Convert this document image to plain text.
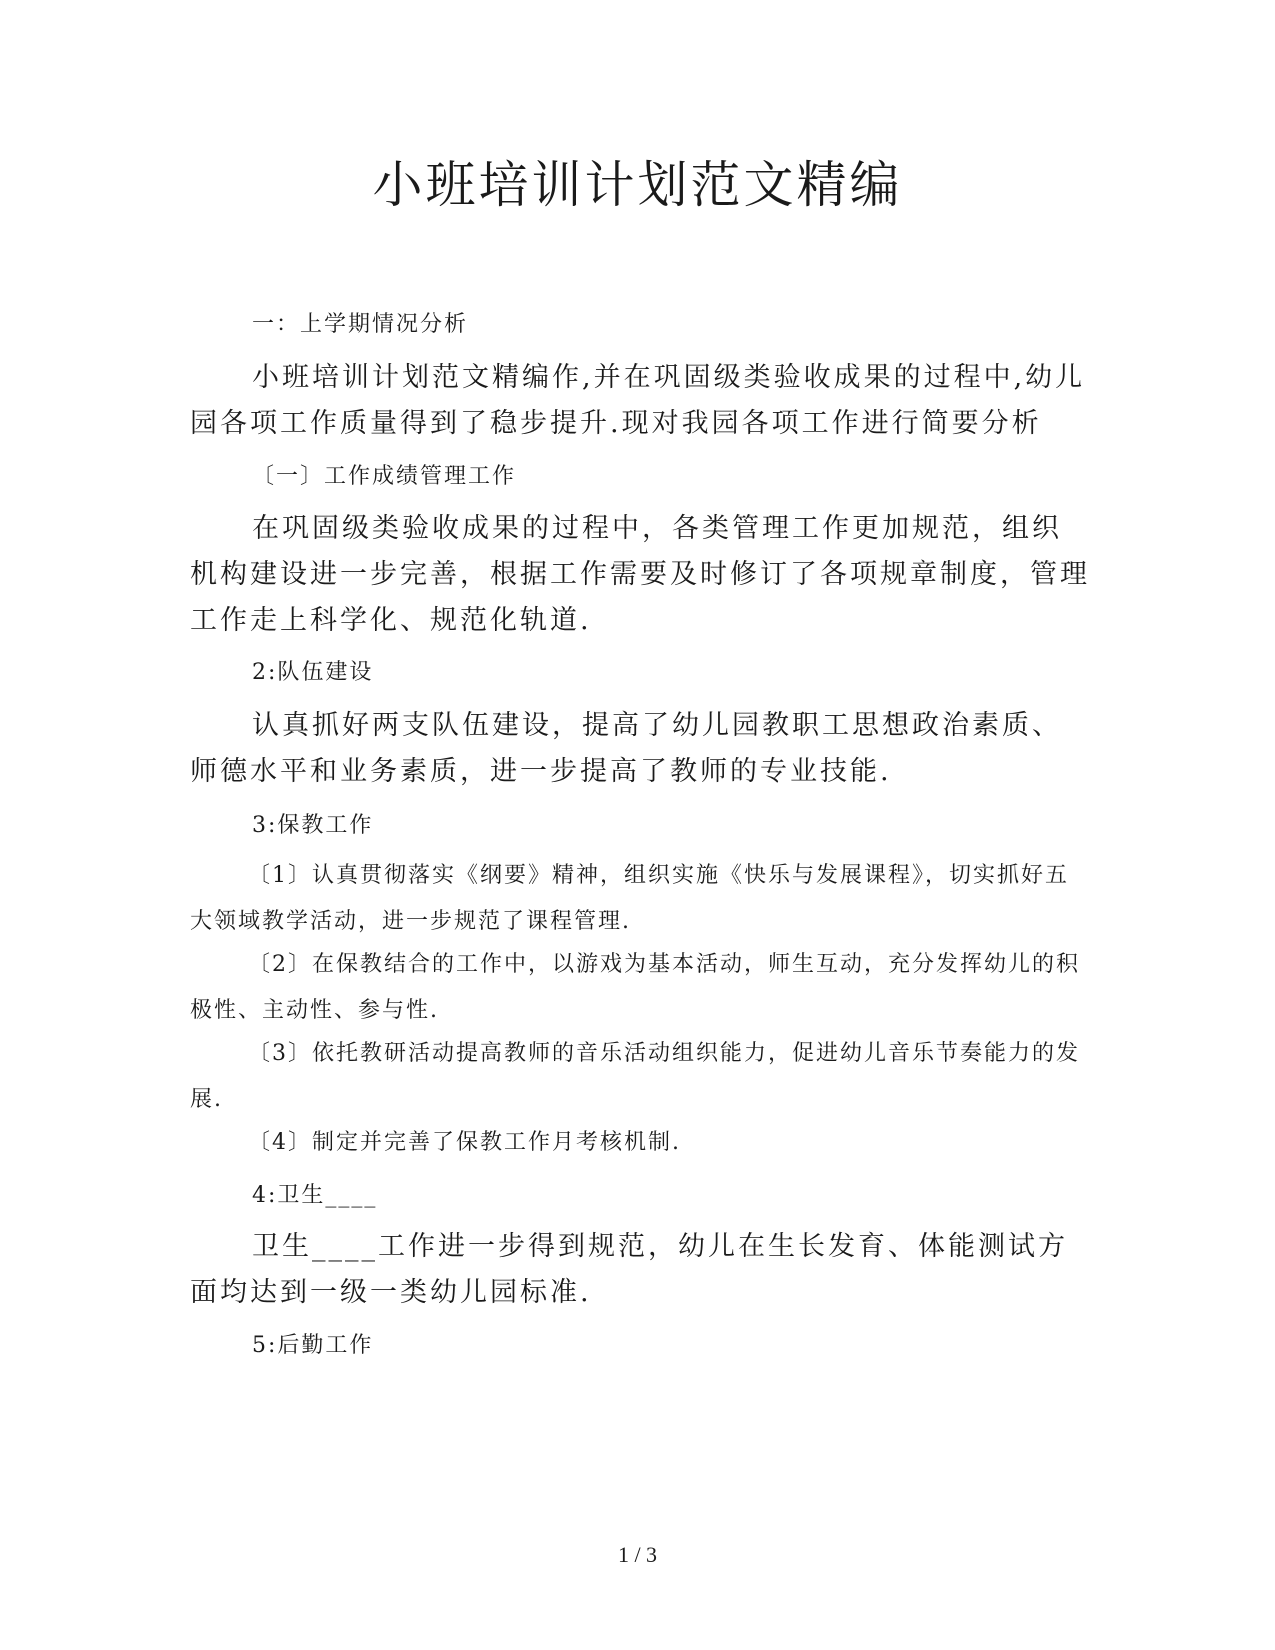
小班培训计划范文精编

一：上学期情况分析

小班培训计划范文精编作,并在巩固级类验收成果的过程中,幼儿园各项工作质量得到了稳步提升.现对我园各项工作进行简要分析

〔一〕工作成绩管理工作

在巩固级类验收成果的过程中，各类管理工作更加规范，组织机构建设进一步完善，根据工作需要及时修订了各项规章制度，管理工作走上科学化、规范化轨道.

2:队伍建设

认真抓好两支队伍建设，提高了幼儿园教职工思想政治素质、师德水平和业务素质，进一步提高了教师的专业技能.

3:保教工作

〔1〕认真贯彻落实《纲要》精神，组织实施《快乐与发展课程》，切实抓好五大领域教学活动，进一步规范了课程管理.

〔2〕在保教结合的工作中，以游戏为基本活动，师生互动，充分发挥幼儿的积极性、主动性、参与性.

〔3〕依托教研活动提高教师的音乐活动组织能力，促进幼儿音乐节奏能力的发展.

〔4〕制定并完善了保教工作月考核机制.

4:卫生____

卫生____工作进一步得到规范，幼儿在生长发育、体能测试方面均达到一级一类幼儿园标准.

5:后勤工作

1 / 3
